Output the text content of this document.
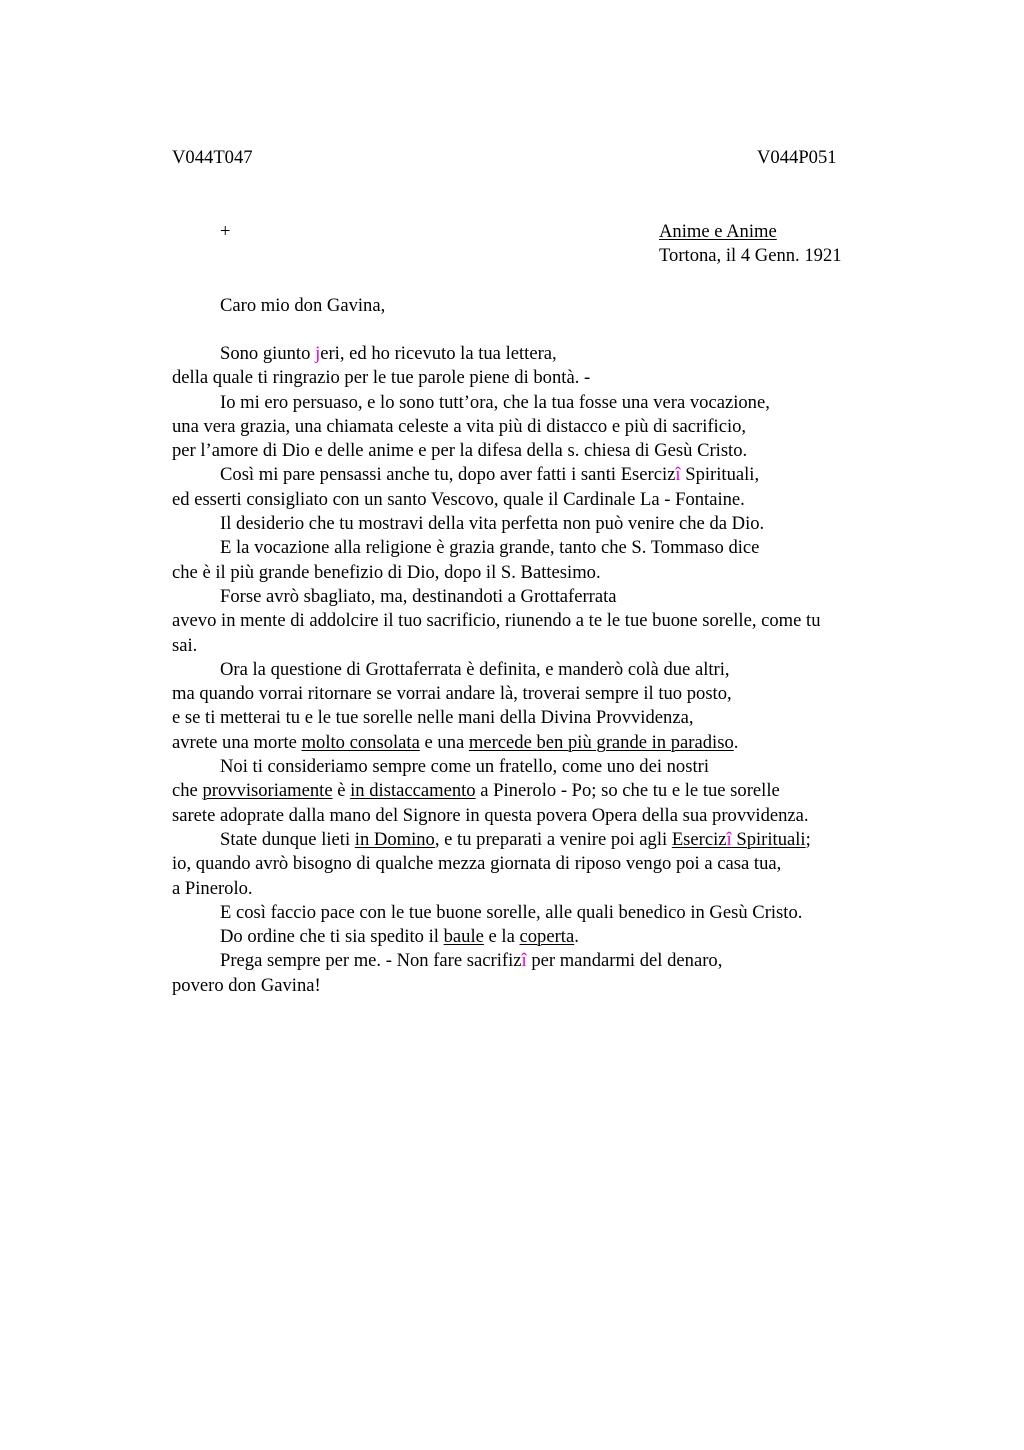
V044T047	V044P051
+	Anime e Anime
Tortona, il 4 Genn. 1921
Caro mio don Gavina,
Sono giunto jeri, ed ho ricevuto la tua lettera,
della quale ti ringrazio per le tue parole piene di bontà. -
Io mi ero persuaso, e lo sono tutt’ora, che la tua fosse una vera vocazione,
una vera grazia, una chiamata celeste a vita più di distacco e più di sacrificio,
per l’amore di Dio e delle anime e per la difesa della s. chiesa di Gesù Cristo.
Così mi pare pensassi anche tu, dopo aver fatti i santi Esercizî Spirituali,
ed esserti consigliato con un santo Vescovo, quale il Cardinale La - Fontaine.
Il desiderio che tu mostravi della vita perfetta non può venire che da Dio.
E la vocazione alla religione è grazia grande, tanto che S. Tommaso dice
che è il più grande benefizio di Dio, dopo il S. Battesimo.
Forse avrò sbagliato, ma, destinandoti a Grottaferrata
avevo in mente di addolcire il tuo sacrificio, riunendo a te le tue buone sorelle, come tu
sai.
Ora la questione di Grottaferrata è definita, e manderò colà due altri,
ma quando vorrai ritornare se vorrai andare là, troverai sempre il tuo posto,
e se ti metterai tu e le tue sorelle nelle mani della Divina Provvidenza,
avrete una morte molto consolata e una mercede ben più grande in paradiso.
Noi ti consideriamo sempre come un fratello, come uno dei nostri
che provvisoriamente è in distaccamento a Pinerolo - Po; so che tu e le tue sorelle
sarete adoprate dalla mano del Signore in questa povera Opera della sua provvidenza.
State dunque lieti in Domino, e tu preparati a venire poi agli Esercizî Spirituali;
io, quando avrò bisogno di qualche mezza giornata di riposo vengo poi a casa tua,
a Pinerolo.
E così faccio pace con le tue buone sorelle, alle quali benedico in Gesù Cristo.
Do ordine che ti sia spedito il baule e la coperta.
Prega sempre per me. - Non fare sacrifizî per mandarmi del denaro,
povero don Gavina!
